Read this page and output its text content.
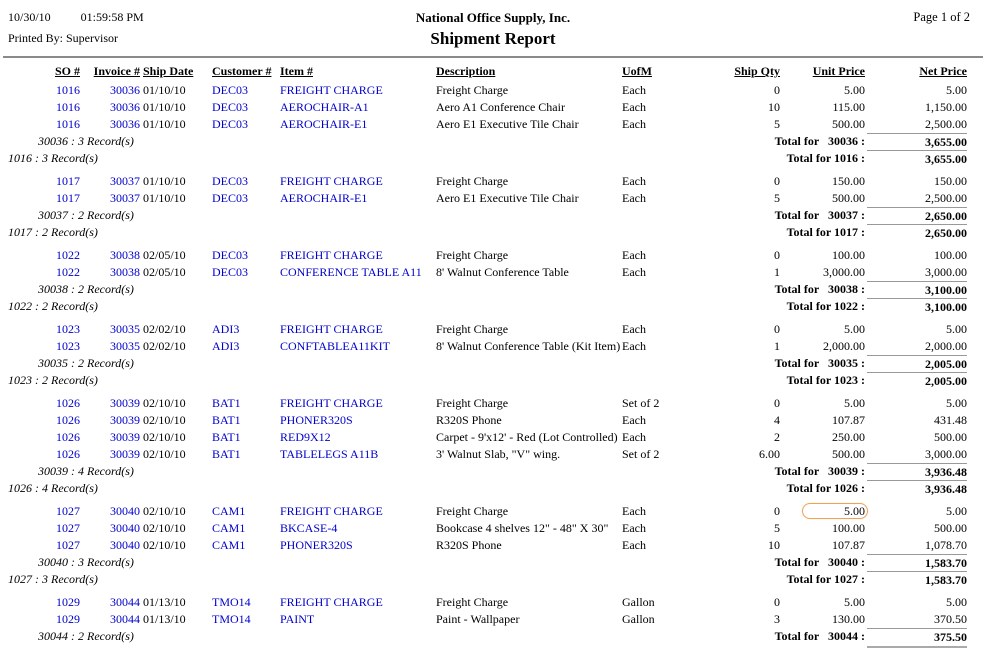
10/30/10	01:59:58 PM
Printed By: Supervisor
National Office Supply, Inc.
Shipment Report
Page 1 of 2
SO #	Invoice # Ship Date	Customer # Item #	Description	UofM	Ship Qty	Unit Price	Net Price
1016	30036 01/10/10	DEC03	FREIGHT CHARGE	Freight Charge	Each	0	5.00	5.00
1016	30036 01/10/10	DEC03	AEROCHAIR-A1	Aero A1 Conference Chair	Each	10	115.00	1,150.00
1016	30036 01/10/10	DEC03	AEROCHAIR-E1	Aero E1 Executive Tile Chair	Each	5	500.00	2,500.00
30036 : 3 Record(s)	Total for   30036 :	3,655.00
1016 : 3 Record(s)	Total for 1016 :	3,655.00
1017	30037 01/10/10	DEC03	FREIGHT CHARGE	Freight Charge	Each	0	150.00	150.00
1017	30037 01/10/10	DEC03	AEROCHAIR-E1	Aero E1 Executive Tile Chair	Each	5	500.00	2,500.00
30037 : 2 Record(s)	Total for   30037 :	2,650.00
1017 : 2 Record(s)	Total for 1017 :	2,650.00
1022	30038 02/05/10	DEC03	FREIGHT CHARGE	Freight Charge	Each	0	100.00	100.00
1022	30038 02/05/10	DEC03	CONFERENCE TABLE A11	8' Walnut Conference Table	Each	1	3,000.00	3,000.00
30038 : 2 Record(s)	Total for   30038 :	3,100.00
1022 : 2 Record(s)	Total for 1022 :	3,100.00
1023	30035 02/02/10	ADI3	FREIGHT CHARGE	Freight Charge	Each	0	5.00	5.00
1023	30035 02/02/10	ADI3	CONFTABLEA11KIT	8' Walnut Conference Table (Kit Item) Each	1	2,000.00	2,000.00
30035 : 2 Record(s)	Total for   30035 :	2,005.00
1023 : 2 Record(s)	Total for 1023 :	2,005.00
1026	30039 02/10/10	BAT1	FREIGHT CHARGE	Freight Charge	Set of 2	0	5.00	5.00
1026	30039 02/10/10	BAT1	PHONER320S	R320S Phone	Each	4	107.87	431.48
1026	30039 02/10/10	BAT1	RED9X12	Carpet - 9'x12' - Red (Lot Controlled) Each	2	250.00	500.00
1026	30039 02/10/10	BAT1	TABLELEGS A11B	3' Walnut Slab, "V" wing.	Set of 2	6.00	500.00	3,000.00
30039 : 4 Record(s)	Total for   30039 :	3,936.48
1026 : 4 Record(s)	Total for 1026 :	3,936.48
1027	30040 02/10/10	CAM1	FREIGHT CHARGE	Freight Charge	Each	0	5.00	5.00
1027	30040 02/10/10	CAM1	BKCASE-4	Bookcase 4 shelves 12" - 48" X 30"	Each	5	100.00	500.00
1027	30040 02/10/10	CAM1	PHONER320S	R320S Phone	Each	10	107.87	1,078.70
30040 : 3 Record(s)	Total for   30040 :	1,583.70
1027 : 3 Record(s)	Total for 1027 :	1,583.70
1029	30044 01/13/10	TMO14	FREIGHT CHARGE	Freight Charge	Gallon	0	5.00	5.00
1029	30044 01/13/10	TMO14	PAINT	Paint - Wallpaper	Gallon	3	130.00	370.50
30044 : 2 Record(s)	Total for   30044 :	375.50
